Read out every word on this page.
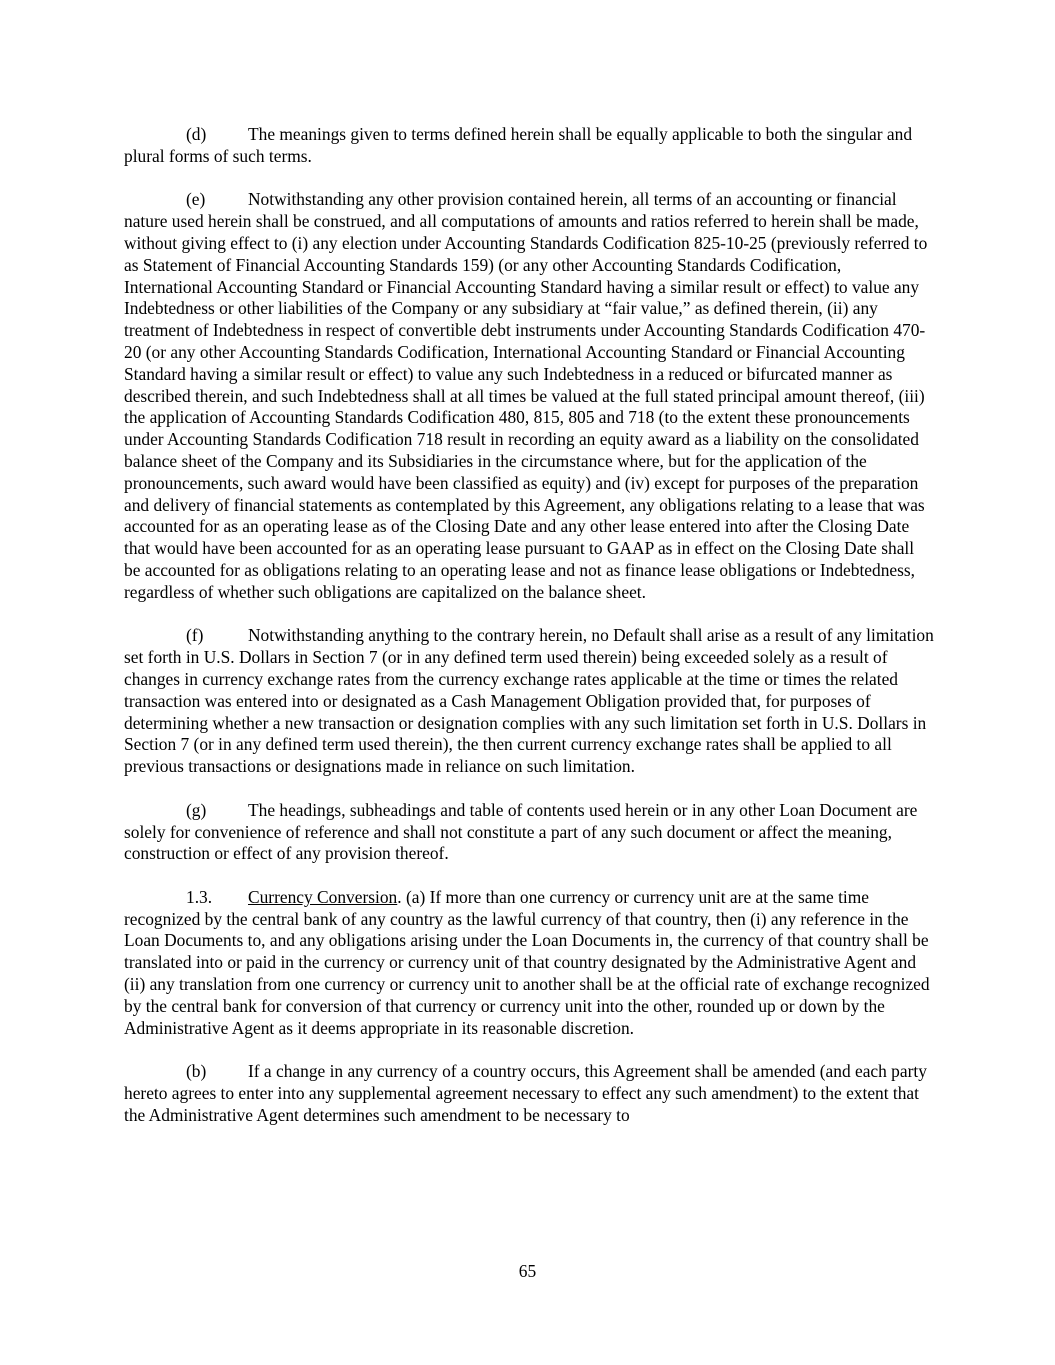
(d) The meanings given to terms defined herein shall be equally applicable to both the singular and plural forms of such terms.

(e) Notwithstanding any other provision contained herein, all terms of an accounting or financial nature used herein shall be construed, and all computations of amounts and ratios referred to herein shall be made, without giving effect to (i) any election under Accounting Standards Codification 825-10-25 (previously referred to as Statement of Financial Accounting Standards 159) (or any other Accounting Standards Codification, International Accounting Standard or Financial Accounting Standard having a similar result or effect) to value any Indebtedness or other liabilities of the Company or any subsidiary at “fair value,” as defined therein, (ii) any treatment of Indebtedness in respect of convertible debt instruments under Accounting Standards Codification 470-20 (or any other Accounting Standards Codification, International Accounting Standard or Financial Accounting Standard having a similar result or effect) to value any such Indebtedness in a reduced or bifurcated manner as described therein, and such Indebtedness shall at all times be valued at the full stated principal amount thereof, (iii) the application of Accounting Standards Codification 480, 815, 805 and 718 (to the extent these pronouncements under Accounting Standards Codification 718 result in recording an equity award as a liability on the consolidated balance sheet of the Company and its Subsidiaries in the circumstance where, but for the application of the pronouncements, such award would have been classified as equity) and (iv) except for purposes of the preparation and delivery of financial statements as contemplated by this Agreement, any obligations relating to a lease that was accounted for as an operating lease as of the Closing Date and any other lease entered into after the Closing Date that would have been accounted for as an operating lease pursuant to GAAP as in effect on the Closing Date shall be accounted for as obligations relating to an operating lease and not as finance lease obligations or Indebtedness, regardless of whether such obligations are capitalized on the balance sheet.

(f)	Notwithstanding anything to the contrary herein, no Default shall arise as a result of any limitation set forth in U.S. Dollars in Section 7 (or in any defined term used therein) being exceeded solely as a result of changes in currency exchange rates from the currency exchange rates applicable at the time or times the related transaction was entered into or designated as a Cash Management Obligation provided that, for purposes of determining whether a new transaction or designation complies with any such limitation set forth in U.S. Dollars in Section 7 (or in any defined term used therein), the then current currency exchange rates shall be applied to all previous transactions or designations made in reliance on such limitation.

(g) The headings, subheadings and table of contents used herein or in any other Loan Document are solely for convenience of reference and shall not constitute a part of any such document or affect the meaning, construction or effect of any provision thereof.

1.3. Currency Conversion. (a) If more than one currency or currency unit are at the same time recognized by the central bank of any country as the lawful currency of that country, then (i) any reference in the Loan Documents to, and any obligations arising under the Loan Documents in, the currency of that country shall be translated into or paid in the currency or currency unit of that country designated by the Administrative Agent and (ii) any translation from one currency or currency unit to another shall be at the official rate of exchange recognized by the central bank for conversion of that currency or currency unit into the other, rounded up or down by the Administrative Agent as it deems appropriate in its reasonable discretion.

(b) If a change in any currency of a country occurs, this Agreement shall be amended (and each party hereto agrees to enter into any supplemental agreement necessary to effect any such amendment) to the extent that the Administrative Agent determines such amendment to be necessary to

65
